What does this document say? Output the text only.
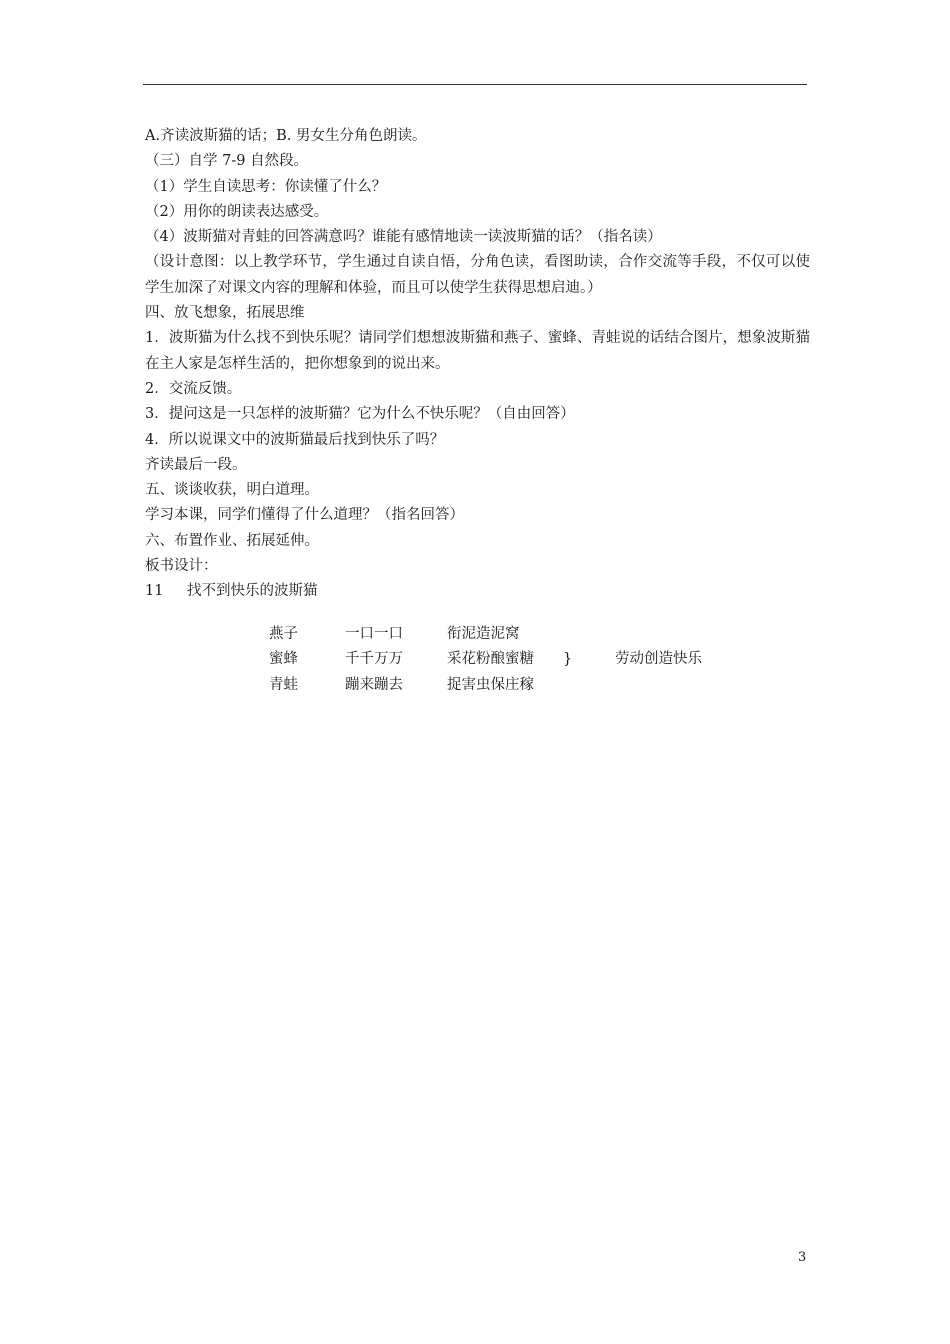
A.齐读波斯猫的话；B. 男女生分角色朗读。
（三）自学 7-9 自然段。
（1）学生自读思考：你读懂了什么？
（2）用你的朗读表达感受。
（4）波斯猫对青蛙的回答满意吗？谁能有感情地读一读波斯猫的话？（指名读）
（设计意图：以上教学环节，学生通过自读自悟，分角色读，看图助读，合作交流等手段，不仅可以使学生加深了对课文内容的理解和体验，而且可以使学生获得思想启迪。）
四、放飞想象，拓展思维
1．波斯猫为什么找不到快乐呢？请同学们想想波斯猫和燕子、蜜蜂、青蛙说的话结合图片，想象波斯猫在主人家是怎样生活的，把你想象到的说出来。
2．交流反馈。
3．提问这是一只怎样的波斯猫？它为什么不快乐呢？（自由回答）
4．所以说课文中的波斯猫最后找到快乐了吗？
齐读最后一段。
五、谈谈收获，明白道理。
学习本课，同学们懂得了什么道理？（指名回答）
六、布置作业、拓展延伸。
板书设计：
11	找不到快乐的波斯猫
燕子	一口一口	衔泥造泥窝
蜜蜂	千千万万	采花粉酿蜜糖	}	劳动创造快乐
青蛙	蹦来蹦去	捉害虫保庄稼
3
